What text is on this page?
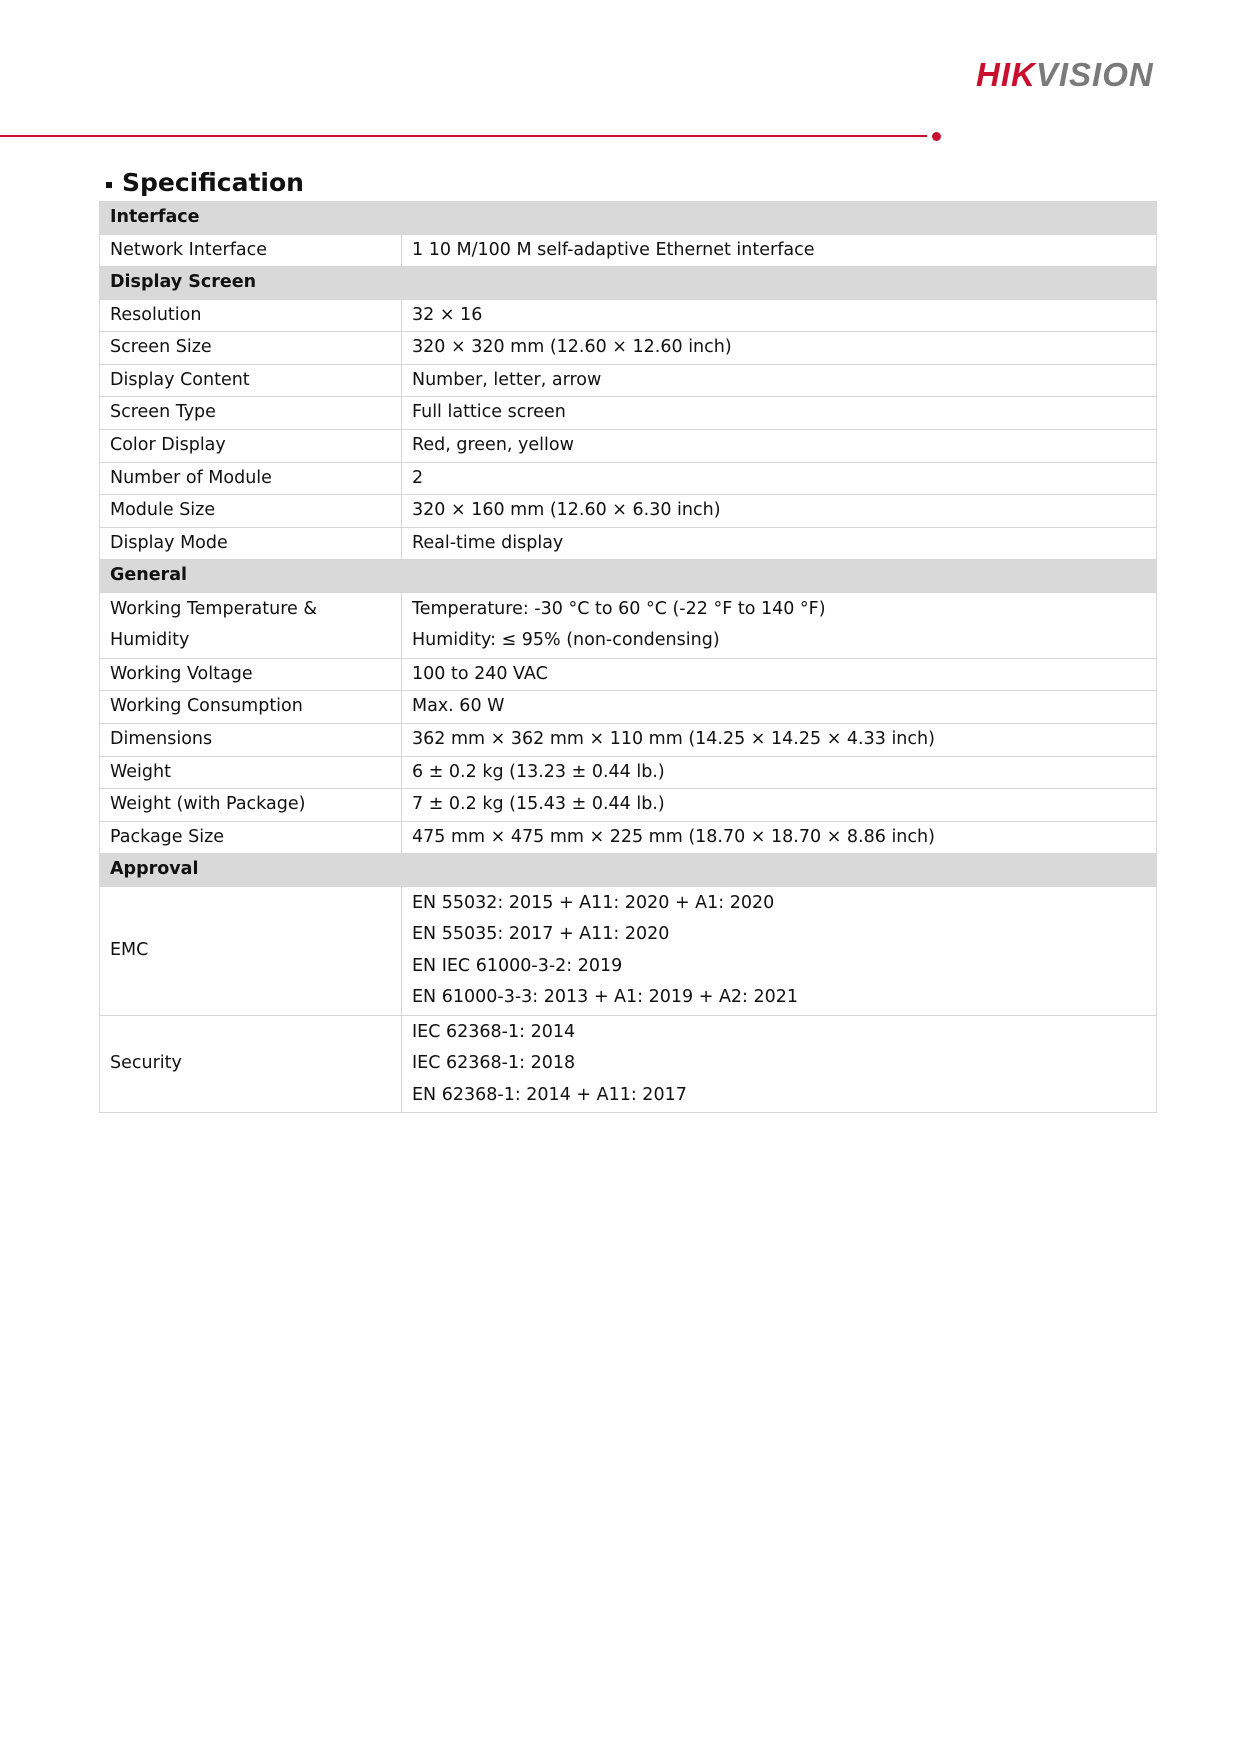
HIKVISION
Specification
Interface	
Network Interface	1 10 M/100 M self-adaptive Ethernet interface

Display Screen	
Resolution	32 × 16

Screen Size	320 × 320 mm (12.60 × 12.60 inch)

Display Content	Number, letter, arrow

Screen Type	Full lattice screen

Color Display	Red, green, yellow

Number of Module	2

Module Size	320 × 160 mm (12.60 × 6.30 inch)

Display Mode	Real-time display

General	

Working Temperature &
Humidity	Temperature: -30 °C to 60 °C (-22 °F to 140 °F)
Humidity: ≤ 95% (non-condensing)

Working Voltage	100 to 240 VAC

Working Consumption	Max. 60 W

Dimensions	362 mm × 362 mm × 110 mm (14.25 × 14.25 × 4.33 inch)

Weight	6 ± 0.2 kg (13.23 ± 0.44 lb.)

Weight (with Package)	7 ± 0.2 kg (15.43 ± 0.44 lb.)

Package Size	475 mm × 475 mm × 225 mm (18.70 × 18.70 × 8.86 inch)

Approval	
EMC	EN 55032: 2015 + A11: 2020 + A1: 2020
EN 55035: 2017 + A11: 2020
EN IEC 61000-3-2: 2019
EN 61000-3-3: 2013 + A1: 2019 + A2: 2021

Security	IEC 62368-1: 2014
IEC 62368-1: 2018
EN 62368-1: 2014 + A11: 2017
